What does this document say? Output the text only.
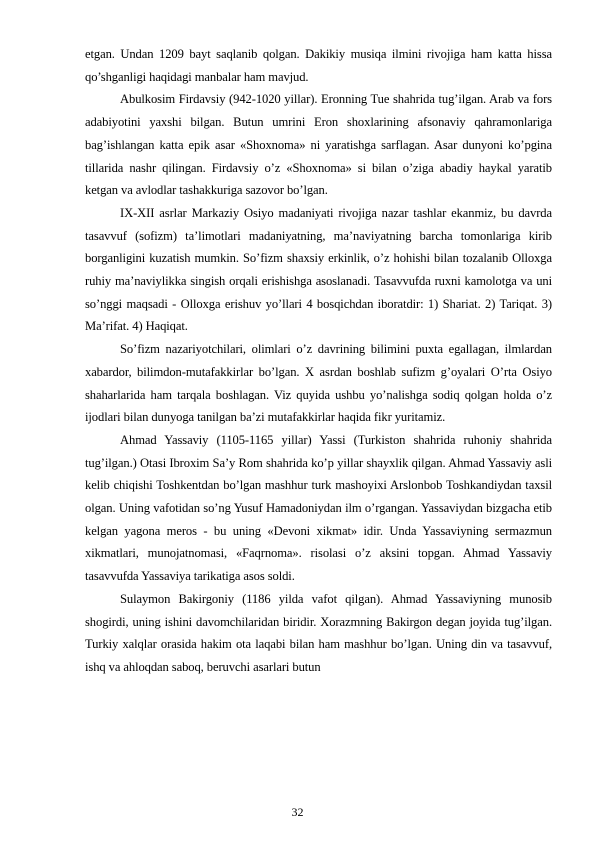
etgan. Undan 1209 bayt saqlanib qolgan. Dakikiy musiqa ilmini rivojiga ham katta hissa qo’shganligi haqidagi manbalar ham mavjud.

Abulkosim Firdavsiy (942-1020 yillar). Eronning Tue shahrida tug’ilgan. Arab va fors adabiyotini yaxshi bilgan. Butun umrini Eron shoxlarining afsonaviy qahramonlariga bag’ishlangan katta epik asar «Shoxnoma» ni yaratishga sarflagan. Asar dunyoni ko’pgina tillarida nashr qilingan. Firdavsiy o’z «Shoxnoma» si bilan o’ziga abadiy haykal yaratib ketgan va avlodlar tashakkuriga sazovor bo’lgan.

IX-XII asrlar Markaziy Osiyo madaniyati rivojiga nazar tashlar ekanmiz, bu davrda tasavvuf (sofizm) ta’limotlari madaniyatning, ma’naviyatning barcha tomonlariga kirib borganligini kuzatish mumkin. So’fizm shaxsiy erkinlik, o’z hohishi bilan tozalanib Olloxga ruhiy ma’naviylikka singish orqali erishishga asoslanadi. Tasavvufda ruxni kamolotga va uni so’nggi maqsadi - Olloxga erishuv yo’llari 4 bosqichdan iboratdir: 1) Shariat. 2) Tariqat. 3) Ma’rifat. 4) Haqiqat.

So’fizm nazariyotchilari, olimlari o’z davrining bilimini puxta egallagan, ilmlardan xabardor, bilimdon-mutafakkirlar bo’lgan. X asrdan boshlab sufizm g’oyalari O’rta Osiyo shaharlarida ham tarqala boshlagan. Viz quyida ushbu yo’nalishga sodiq qolgan holda o’z ijodlari bilan dunyoga tanilgan ba’zi mutafakkirlar haqida fikr yuritamiz.

Ahmad Yassaviy (1105-1165 yillar) Yassi (Turkiston shahrida ruhoniy shahrida tug’ilgan.) Otasi Ibroxim Sa’y Rom shahrida ko’p yillar shayxlik qilgan. Ahmad Yassaviy asli kelib chiqishi Toshkentdan bo’lgan mashhur turk mashoyixi Arslonbob Toshkandiydan taxsil olgan. Uning vafotidan so’ng Yusuf Hamadoniydan ilm o’rgangan. Yassaviydan bizgacha etib kelgan yagona meros - bu uning «Devoni xikmat» idir. Unda Yassaviyning sermazmun xikmatlari, munojatnomasi, «Faqrnoma». risolasi o’z aksini topgan. Ahmad Yassaviy tasavvufda Yassaviya tarikatiga asos soldi.

Sulaymon Bakirgoniy (1186 yilda vafot qilgan). Ahmad Yassaviyning munosib shogirdi, uning ishini davomchilaridan biridir. Xorazmning Bakirgon degan joyida tug’ilgan. Turkiy xalqlar orasida hakim ota laqabi bilan ham mashhur bo’lgan. Uning din va tasavvuf, ishq va ahloqdan saboq, beruvchi asarlari butun

32
